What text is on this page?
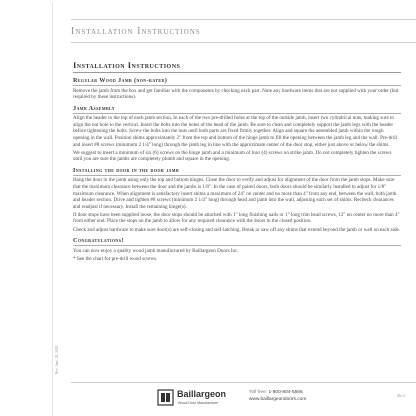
Installation Instructions
Installation Instructions
Regular Wood Jamb (non-rated)

Remove the jamb from the box and get familiar with the components by checking each part. Note any hardware items that are not supplied with your order (but required by these instructions).

Jamb Assembly

Align the header to the top of each jamb section. In each of the two pre-drilled holes at the top of the outside jamb, insert two cylindrical nuts, making sure to align the nut hole to the vertical. Insert the bolts into the holes of the head of the jamb. Be sure to clean and completely support the jamb legs with the header before tightening the bolts. Screw the bolts into the nuts until both parts are fixed firmly together. Align and square the assembled jamb within the rough opening in the wall. Position shims approximately 2" from the top and bottom of the hinge jamb to fill the opening between the jamb leg and the wall. Pre-drill and insert #8 screws (minimum 2 1/4" long) through the jamb leg in line with the approximate center of the door stop, either just above or below the shims.

We suggest to insert a minimum of six (6) screws on the hinge jamb and a minimum of four (4) screws on strike jamb. Do not completely tighten the screws until you are sure the jambs are completely plumb and square in the opening.

Installing the door in the door jamb

Hang the door in the jamb using only the top and bottom hinges. Close the door to verify and adjust for alignment of the door from the jamb stops. Make sure that the maximum clearance between the door and the jambs is 1/8". In the case of paired doors, both doors should be similarly installed to adjust for 1/8" maximum clearance. When alignment is satisfactory insert shims a maximum of 24" on center and no more than 4" from any end, between the wall, both jamb and header section. Drive and tighten #8 screws (minimum 2 1/4" long) through head and jamb into the wall, adjusting each set of shims. Recheck clearances and readjust if necessary. Install the remaining hinge(s).

If door stops have been supplied loose, the door stops should be attached with 1" long finishing nails or 1" long trim head screws, 12" on center no more than 4" from either end. Place the stops on the jamb to allow for any required clearance with the doors in the closed position.

Check and adjust hardware to make sure door(s) are self-closing and self-latching. Break or saw off any shims that extend beyond the jamb or wall on each side.

Congratulations!

You can now enjoy a quality wood jamb manufactured by Baillargeon Doors Inc.

* See the chart for pre-drill wood screws.

Rev. June, 28, 2018
Baillargeon
Wood Door Manufacturer
Toll free: 1-800-804-5566
www.baillargeondoors.com
Rv-2
